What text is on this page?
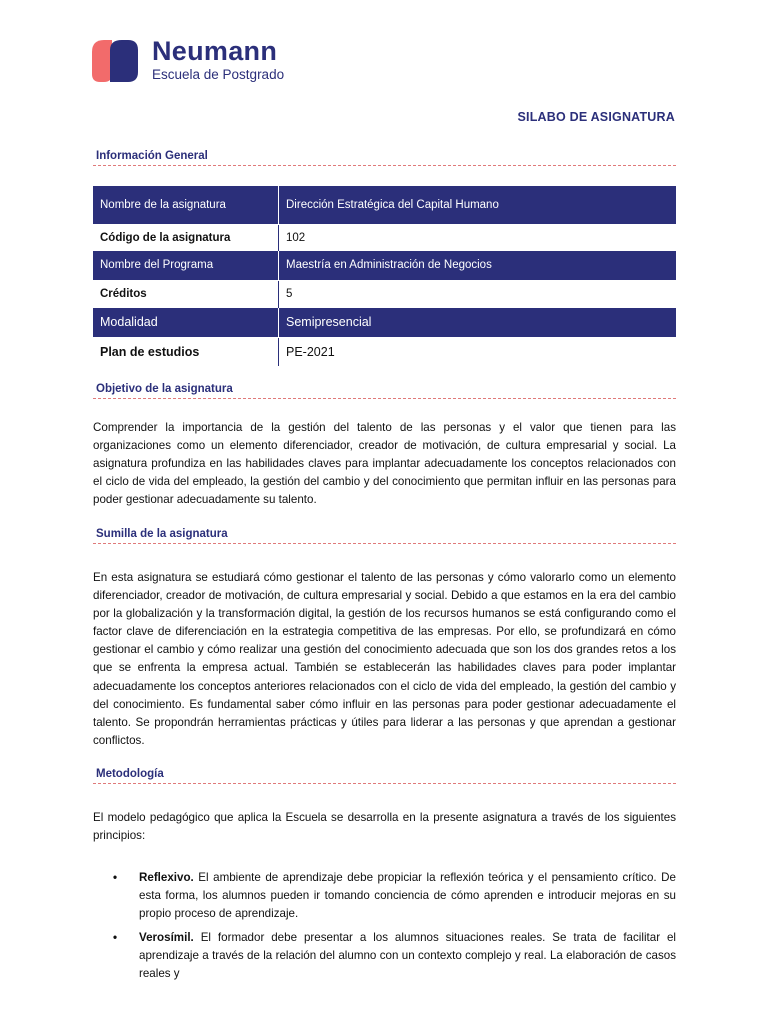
Neumann
Escuela de Postgrado
SILABO DE ASIGNATURA
Información General
Nombre de la asignatura	Dirección Estratégica del Capital Humano
Código de la asignatura	102
Nombre del Programa	Maestría en Administración de Negocios
Créditos	5
Modalidad	Semipresencial
Plan de estudios	PE-2021
Objetivo de la asignatura
Comprender la importancia de la gestión del talento de las personas y el valor que tienen para las organizaciones como un elemento diferenciador, creador de motivación, de cultura empresarial y social. La asignatura profundiza en las habilidades claves para implantar adecuadamente los conceptos relacionados con el ciclo de vida del empleado, la gestión del cambio y del conocimiento que permitan influir en las personas para poder gestionar adecuadamente su talento.
Sumilla de la asignatura
En esta asignatura se estudiará cómo gestionar el talento de las personas y cómo valorarlo como un elemento diferenciador, creador de motivación, de cultura empresarial y social. Debido a que estamos en la era del cambio por la globalización y la transformación digital, la gestión de los recursos humanos se está configurando como el factor clave de diferenciación en la estrategia competitiva de las empresas. Por ello, se profundizará en cómo gestionar el cambio y cómo realizar una gestión del conocimiento adecuada que son los dos grandes retos a los que se enfrenta la empresa actual. También se establecerán las habilidades claves para poder implantar adecuadamente los conceptos anteriores relacionados con el ciclo de vida del empleado, la gestión del cambio y del conocimiento. Es fundamental saber cómo influir en las personas para poder gestionar adecuadamente el talento. Se propondrán herramientas prácticas y útiles para liderar a las personas y que aprendan a gestionar conflictos.
Metodología
El modelo pedagógico que aplica la Escuela se desarrolla en la presente asignatura a través de los siguientes principios:
• Reflexivo. El ambiente de aprendizaje debe propiciar la reflexión teórica y el pensamiento crítico. De esta forma, los alumnos pueden ir tomando conciencia de cómo aprenden e introducir mejoras en su propio proceso de aprendizaje.
• Verosímil. El formador debe presentar a los alumnos situaciones reales. Se trata de facilitar el aprendizaje a través de la relación del alumno con un contexto complejo y real. La elaboración de casos reales y
